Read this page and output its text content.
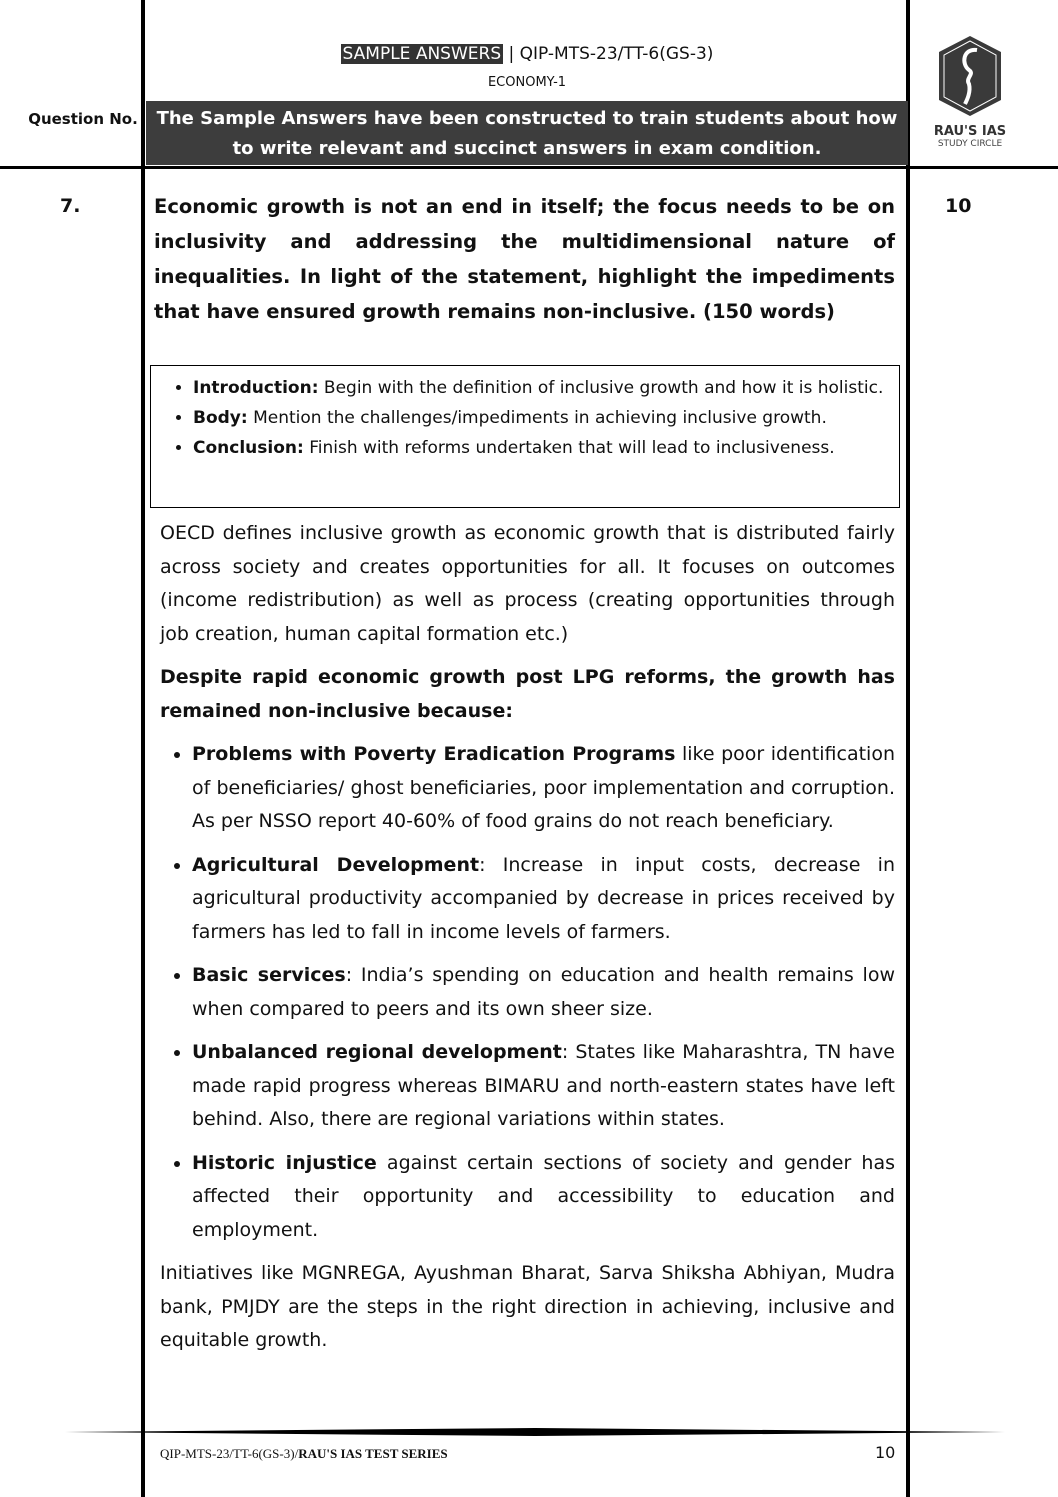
SAMPLE ANSWERS | QIP-MTS-23/TT-6(GS-3)
ECONOMY-1
The Sample Answers have been constructed to train students about how to write relevant and succinct answers in exam condition.
Question No.
RAU'S IAS
STUDY CIRCLE
7.	10
Economic growth is not an end in itself; the focus needs to be on inclusivity and addressing the multidimensional nature of inequalities. In light of the statement, highlight the impediments that have ensured growth remains non-inclusive. (150 words)
• Introduction: Begin with the definition of inclusive growth and how it is holistic.
• Body: Mention the challenges/impediments in achieving inclusive growth.
• Conclusion: Finish with reforms undertaken that will lead to inclusiveness.

OECD defines inclusive growth as economic growth that is distributed fairly across society and creates opportunities for all. It focuses on outcomes (income redistribution) as well as process (creating opportunities through job creation, human capital formation etc.)

Despite rapid economic growth post LPG reforms, the growth has remained non-inclusive because:

• Problems with Poverty Eradication Programs like poor identification of beneficiaries/ ghost beneficiaries, poor implementation and corruption. As per NSSO report 40-60% of food grains do not reach beneficiary.
• Agricultural Development: Increase in input costs, decrease in agricultural productivity accompanied by decrease in prices received by farmers has led to fall in income levels of farmers.
• Basic services: India’s spending on education and health remains low when compared to peers and its own sheer size.
• Unbalanced regional development: States like Maharashtra, TN have made rapid progress whereas BIMARU and north-eastern states have left behind. Also, there are regional variations within states.
• Historic injustice against certain sections of society and gender has affected their opportunity and accessibility to education and employment.

Initiatives like MGNREGA, Ayushman Bharat, Sarva Shiksha Abhiyan, Mudra bank, PMJDY are the steps in the right direction in achieving, inclusive and equitable growth.

QIP-MTS-23/TT-6(GS-3)/RAU'S IAS TEST SERIES	10
